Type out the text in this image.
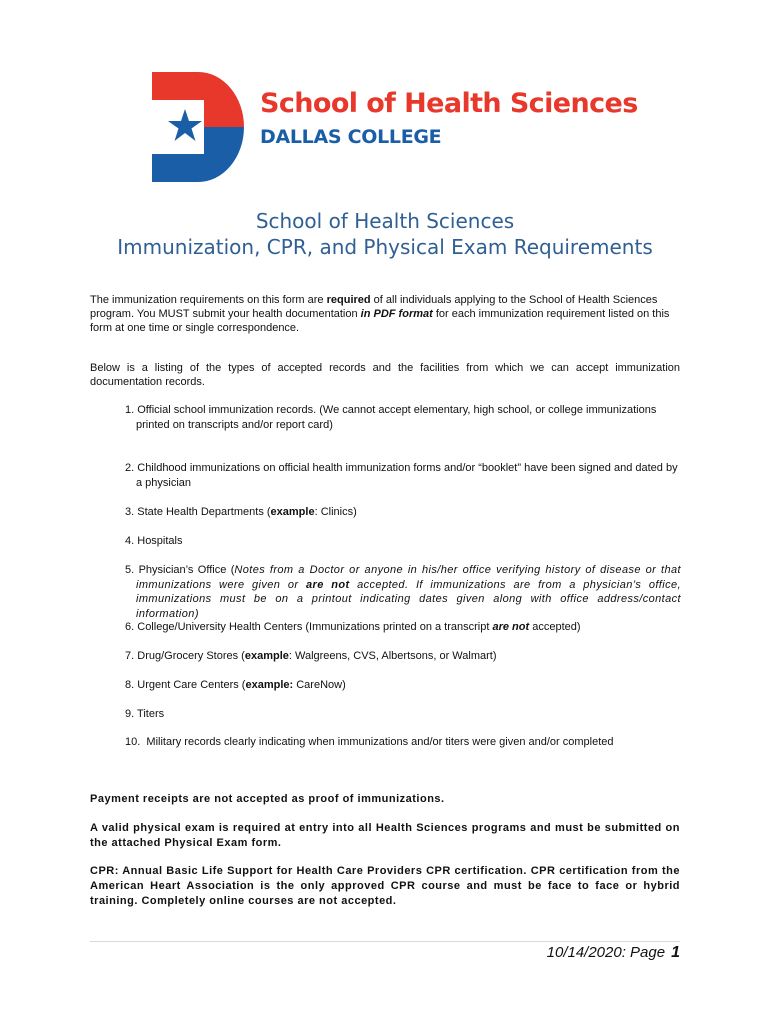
School of Health Sciences
DALLAS COLLEGE
School of Health Sciences
Immunization, CPR, and Physical Exam Requirements
The immunization requirements on this form are required of all individuals applying to the School of Health Sciences program. You MUST submit your health documentation in PDF format for each immunization requirement listed on this form at one time or single correspondence.
Below is a listing of the types of accepted records and the facilities from which we can accept immunization documentation records.
1. Official school immunization records. (We cannot accept elementary, high school, or college immunizations printed on transcripts and/or report card)
2. Childhood immunizations on official health immunization forms and/or “booklet” have been signed and dated by a physician
3. State Health Departments (example: Clinics)
4. Hospitals
5. Physician’s Office (Notes from a Doctor or anyone in his/her office verifying history of disease or that immunizations were given or are not accepted. If immunizations are from a physician’s office, immunizations must be on a printout indicating dates given along with office address/contact information)
6. College/University Health Centers (Immunizations printed on a transcript are not accepted)
7. Drug/Grocery Stores (example: Walgreens, CVS, Albertsons, or Walmart)
8. Urgent Care Centers (example: CareNow)
9. Titers
10. Military records clearly indicating when immunizations and/or titers were given and/or completed
Payment receipts are not accepted as proof of immunizations.
A valid physical exam is required at entry into all Health Sciences programs and must be submitted on the attached Physical Exam form.
CPR: Annual Basic Life Support for Health Care Providers CPR certification. CPR certification from the American Heart Association is the only approved CPR course and must be face to face or hybrid training. Completely online courses are not accepted.
10/14/2020: Page 1
